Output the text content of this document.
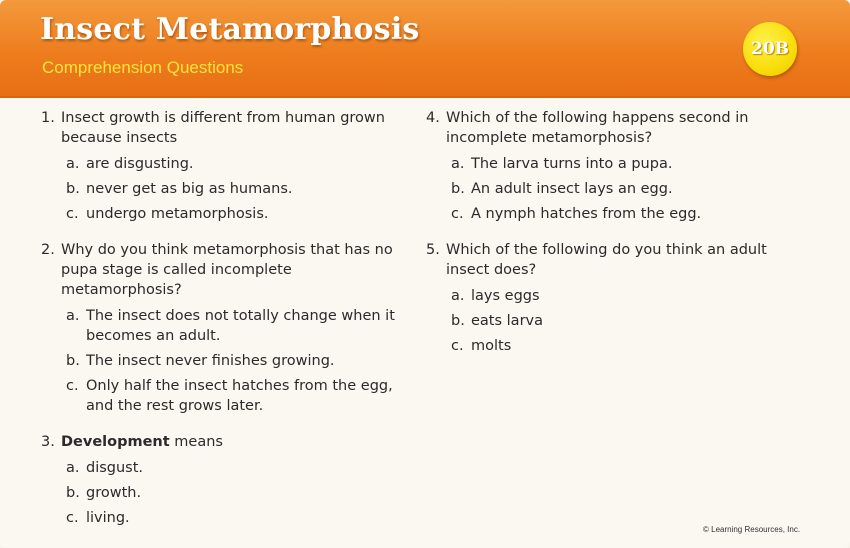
Insect Metamorphosis
Comprehension Questions
20B
1. Insect growth is different from human grown because insects
a. are disgusting.
b. never get as big as humans.
c. undergo metamorphosis.
2. Why do you think metamorphosis that has no pupa stage is called incomplete metamorphosis?
a. The insect does not totally change when it becomes an adult.
b. The insect never finishes growing.
c. Only half the insect hatches from the egg, and the rest grows later.
3. Development means
a. disgust.
b. growth.
c. living.
4. Which of the following happens second in incomplete metamorphosis?
a. The larva turns into a pupa.
b. An adult insect lays an egg.
c. A nymph hatches from the egg.
5. Which of the following do you think an adult insect does?
a. lays eggs
b. eats larva
c. molts
© Learning Resources, Inc.
